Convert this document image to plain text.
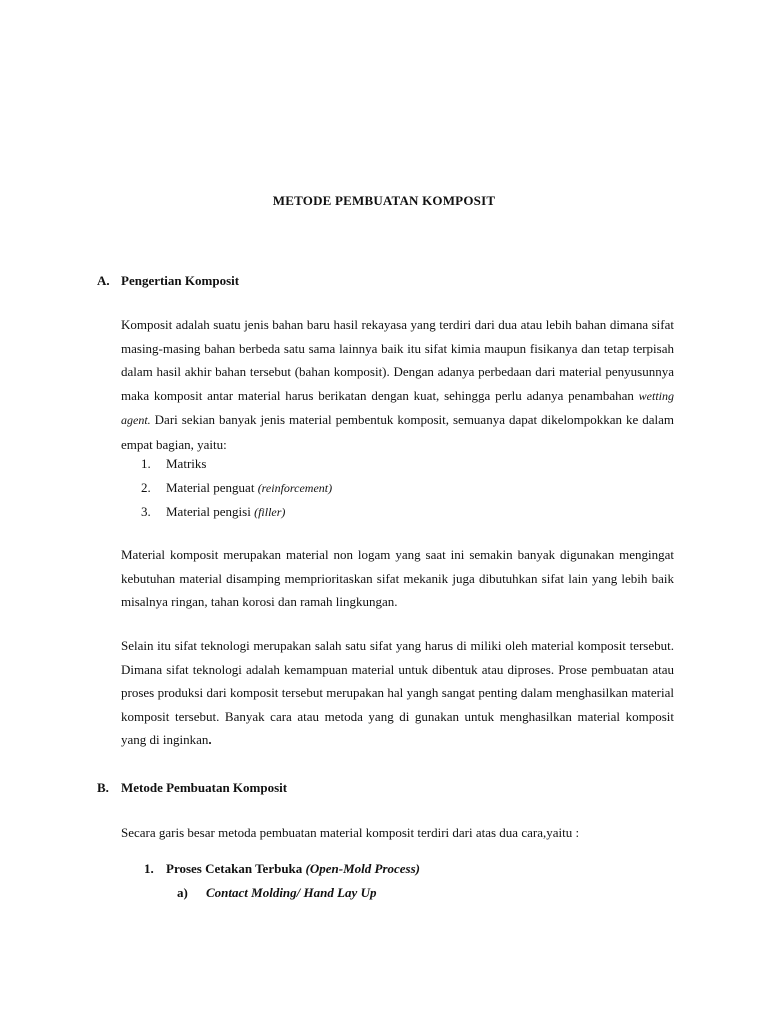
METODE PEMBUATAN KOMPOSIT
A. Pengertian Komposit

Komposit adalah suatu jenis bahan baru hasil rekayasa yang terdiri dari dua atau lebih bahan dimana sifat masing-masing bahan berbeda satu sama lainnya baik itu sifat kimia maupun fisikanya dan tetap terpisah dalam hasil akhir bahan tersebut (bahan komposit). Dengan adanya perbedaan dari material penyusunnya maka komposit antar material harus berikatan dengan kuat, sehingga perlu adanya penambahan wetting agent. Dari sekian banyak jenis material pembentuk komposit, semuanya dapat dikelompokkan ke dalam empat bagian, yaitu:

1. Matriks
2. Material penguat (reinforcement)
3. Material pengisi (filler)

Material komposit merupakan material non logam yang saat ini semakin banyak digunakan mengingat kebutuhan material disamping memprioritaskan sifat mekanik juga dibutuhkan sifat lain yang lebih baik misalnya ringan, tahan korosi dan ramah lingkungan.

Selain itu sifat teknologi merupakan salah satu sifat yang harus di miliki oleh material komposit tersebut. Dimana sifat teknologi adalah kemampuan material untuk dibentuk atau diproses. Prose pembuatan atau proses produksi dari komposit tersebut merupakan hal yangh sangat penting dalam menghasilkan material komposit tersebut. Banyak cara atau metoda yang di gunakan untuk menghasilkan material komposit yang di inginkan.

B. Metode Pembuatan Komposit
Secara garis besar metoda pembuatan material komposit terdiri dari atas dua cara,yaitu :
1. Proses Cetakan Terbuka (Open-Mold Process)
a) Contact Molding/ Hand Lay Up
